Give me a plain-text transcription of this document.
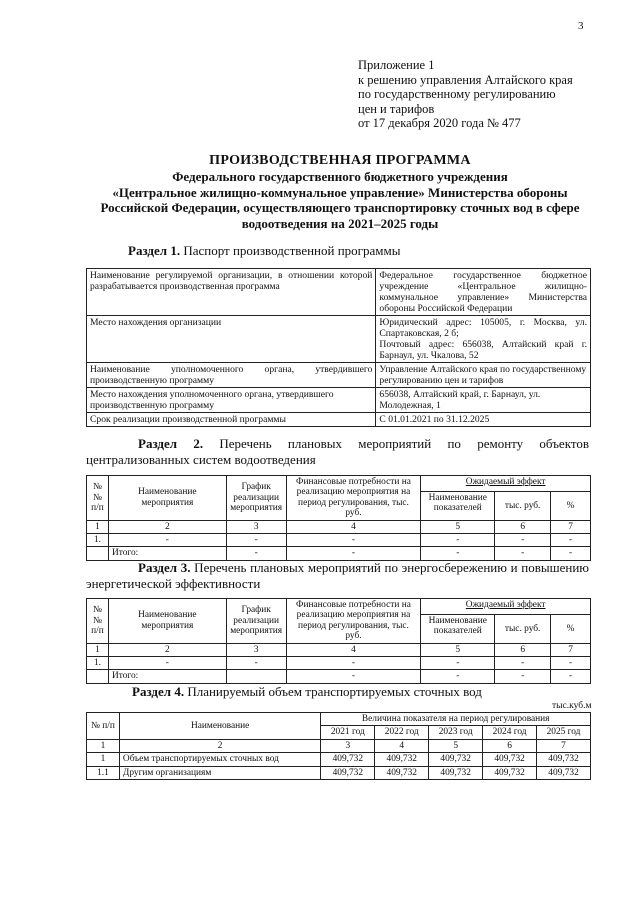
3
Приложение 1
к решению управления Алтайского края
по государственному регулированию
цен и тарифов
от 17 декабря 2020 года № 477
ПРОИЗВОДСТВЕННАЯ ПРОГРАММА
Федерального государственного бюджетного учреждения
«Центральное жилищно-коммунальное управление» Министерства обороны
Российской Федерации, осуществляющего транспортировку сточных вод в сфере
водоотведения на 2021–2025 годы
Раздел 1. Паспорт производственной программы
Наименование регулируемой организации, в отношении которой разрабатывается производственная программа	Федеральное государственное бюджетное учреждение «Центральное жилищно-коммунальное управление» Министерства обороны Российской Федерации
Место нахождения организации	Юридический адрес: 105005, г. Москва, ул. Спартаковская, 2 б;
Почтовый адрес: 656038, Алтайский край г. Барнаул, ул. Чкалова, 52

Наименование уполномоченного органа, утвердившего производственную программу	Управление Алтайского края по государственному регулированию цен и тарифов
Место нахождения уполномоченного органа, утвердившего производственную программу	656038, Алтайский край, г. Барнаул, ул. Молодежная, 1
Срок реализации производственной программы	С 01.01.2021 по 31.12.2025
Раздел 2. Перечень плановых мероприятий по ремонту объектов централизованных систем водоотведения
№№ п/п	Наименование мероприятия	График реализации мероприятия	Финансовые потребности на реализацию мероприятия на период регулирования, тыс. руб.	Ожидаемый эффект		
				Наименование показателей	тыс. руб.	%
1	2	3	4	5	6	7
1.	-	-	-	-	-	-
	Итого:	-	-	-	-	-
Раздел 3. Перечень плановых мероприятий по энергосбережению и повышению энергетической эффективности
№№ п/п	Наименование мероприятия	График реализации мероприятия	Финансовые потребности на реализацию мероприятия на период регулирования, тыс. руб.	Ожидаемый эффект		
				Наименование показателей	тыс. руб.	%
1	2	3	4	5	6	7
1.	-	-	-	-	-	-
	Итого:		-	-	-	-
Раздел 4. Планируемый объем транспортируемых сточных вод
тыс.куб.м
№ п/п	Наименование	Величина показателя на период регулирования				
		2021 год	2022 год	2023 год	2024 год	2025 год
1	2	3	4	5	6	7
1	Объем транспортируемых сточных вод	409,732	409,732	409,732	409,732	409,732
1.1	Другим организациям	409,732	409,732	409,732	409,732	409,732
